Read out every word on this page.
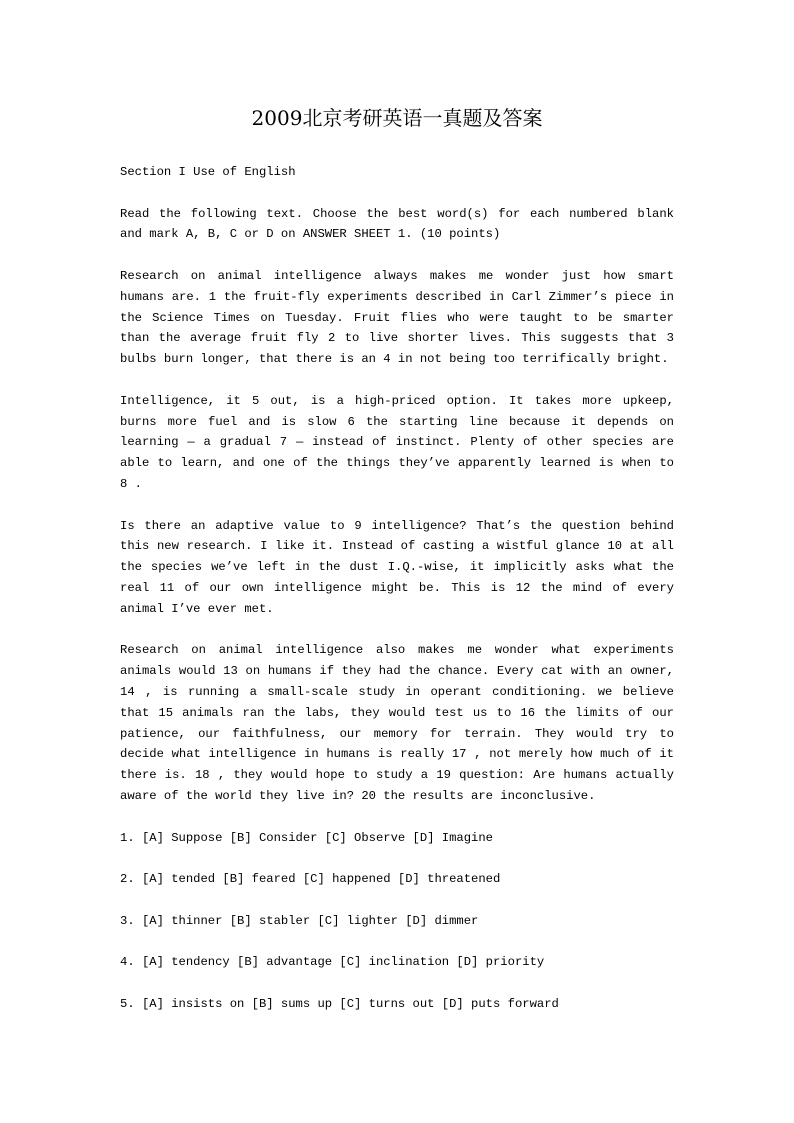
2009北京考研英语一真题及答案

Section I Use of English

Read the following text. Choose the best word(s) for each numbered blank and mark A, B, C or D on ANSWER SHEET 1. (10 points)

Research on animal intelligence always makes me wonder just how smart humans are. 1 the fruit-fly experiments described in Carl Zimmer’s piece in the Science Times on Tuesday. Fruit flies who were taught to be smarter than the average fruit fly 2 to live shorter lives. This suggests that 3 bulbs burn longer, that there is an 4 in not being too terrifically bright.

Intelligence, it 5 out, is a high-priced option. It takes more upkeep, burns more fuel and is slow 6 the starting line because it depends on learning — a gradual 7 — instead of instinct. Plenty of other species are able to learn, and one of the things they’ve apparently learned is when to 8 .

Is there an adaptive value to 9 intelligence? That’s the question behind this new research. I like it. Instead of casting a wistful glance 10 at all the species we’ve left in the dust I.Q.-wise, it implicitly asks what the real 11 of our own intelligence might be. This is 12 the mind of every animal I’ve ever met.

Research on animal intelligence also makes me wonder what experiments animals would 13 on humans if they had the chance. Every cat with an owner, 14 , is running a small-scale study in operant conditioning. we believe that 15 animals ran the labs, they would test us to 16 the limits of our patience, our faithfulness, our memory for terrain. They would try to decide what intelligence in humans is really 17 , not merely how much of it there is. 18 , they would hope to study a 19 question: Are humans actually aware of the world they live in? 20 the results are inconclusive.

1. [A] Suppose [B] Consider [C] Observe [D] Imagine

2. [A] tended [B] feared [C] happened [D] threatened

3. [A] thinner [B] stabler [C] lighter [D] dimmer

4. [A] tendency [B] advantage [C] inclination [D] priority

5. [A] insists on [B] sums up [C] turns out [D] puts forward
